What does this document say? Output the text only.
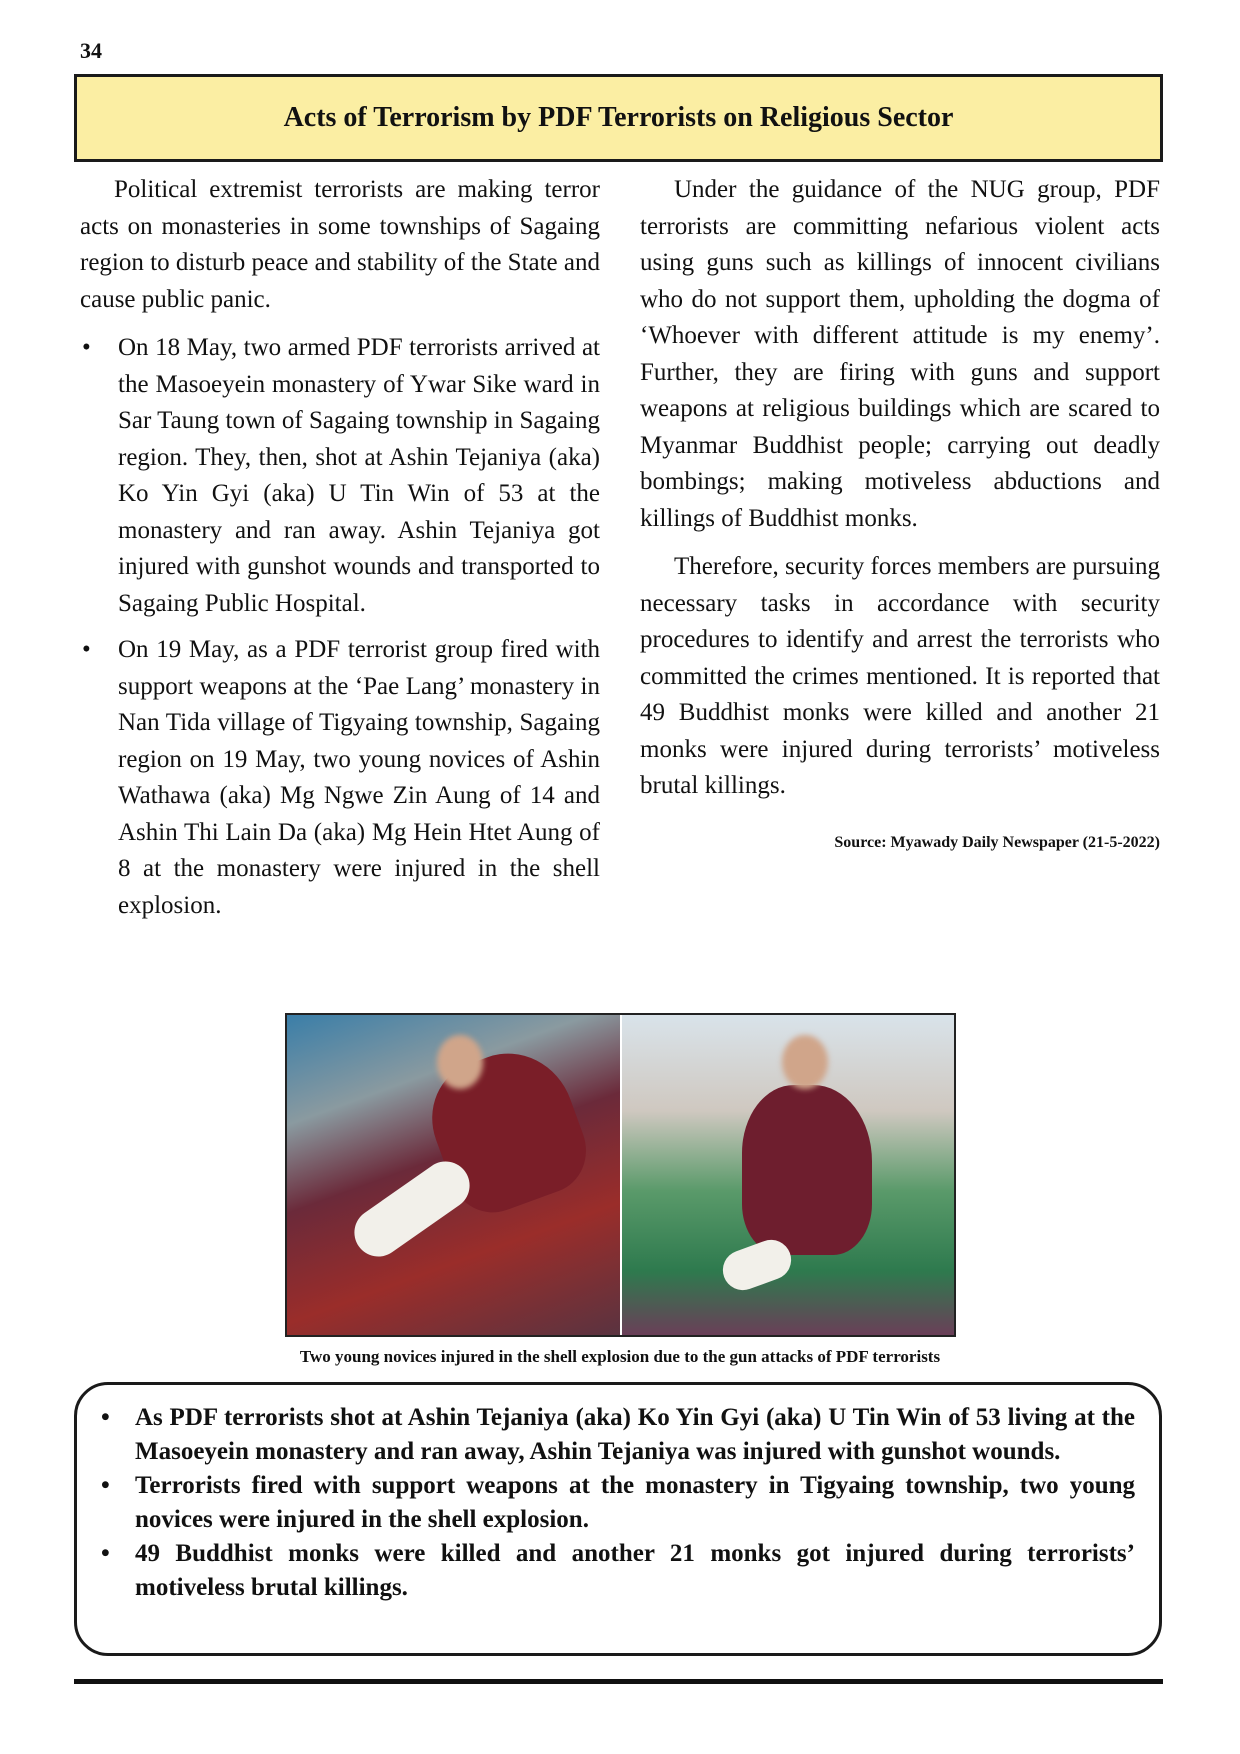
34
Acts of Terrorism by PDF Terrorists on Religious Sector

Political extremist terrorists are making terror acts on monasteries in some townships of Sagaing region to disturb peace and stability of the State and cause public panic.

• On 18 May, two armed PDF terrorists arrived at the Masoeyein monastery of Ywar Sike ward in Sar Taung town of Sagaing township in Sagaing region. They, then, shot at Ashin Tejaniya (aka) Ko Yin Gyi (aka) U Tin Win of 53 at the monastery and ran away. Ashin Tejaniya got injured with gunshot wounds and transported to Sagaing Public Hospital.
• On 19 May, as a PDF terrorist group fired with support weapons at the ‘Pae Lang’ monastery in Nan Tida village of Tigyaing township, Sagaing region on 19 May, two young novices of Ashin Wathawa (aka) Mg Ngwe Zin Aung of 14 and Ashin Thi Lain Da (aka) Mg Hein Htet Aung of 8 at the monastery were injured in the shell explosion.

Under the guidance of the NUG group, PDF terrorists are committing nefarious violent acts using guns such as killings of innocent civilians who do not support them, upholding the dogma of ‘Whoever with different attitude is my enemy’. Further, they are firing with guns and support weapons at religious buildings which are scared to Myanmar Buddhist people; carrying out deadly bombings; making motiveless abductions and killings of Buddhist monks.

Therefore, security forces members are pursuing necessary tasks in accordance with security procedures to identify and arrest the terrorists who committed the crimes mentioned. It is reported that 49 Buddhist monks were killed and another 21 monks were injured during terrorists’ motiveless brutal killings.

Source: Myawady Daily Newspaper (21-5-2022)
Two young novices injured in the shell explosion due to the gun attacks of PDF terrorists
• As PDF terrorists shot at Ashin Tejaniya (aka) Ko Yin Gyi (aka) U Tin Win of 53 living at the Masoeyein monastery and ran away, Ashin Tejaniya was injured with gunshot wounds.
• Terrorists fired with support weapons at the monastery in Tigyaing township, two young novices were injured in the shell explosion.
• 49 Buddhist monks were killed and another 21 monks got injured during terrorists’ motiveless brutal killings.
